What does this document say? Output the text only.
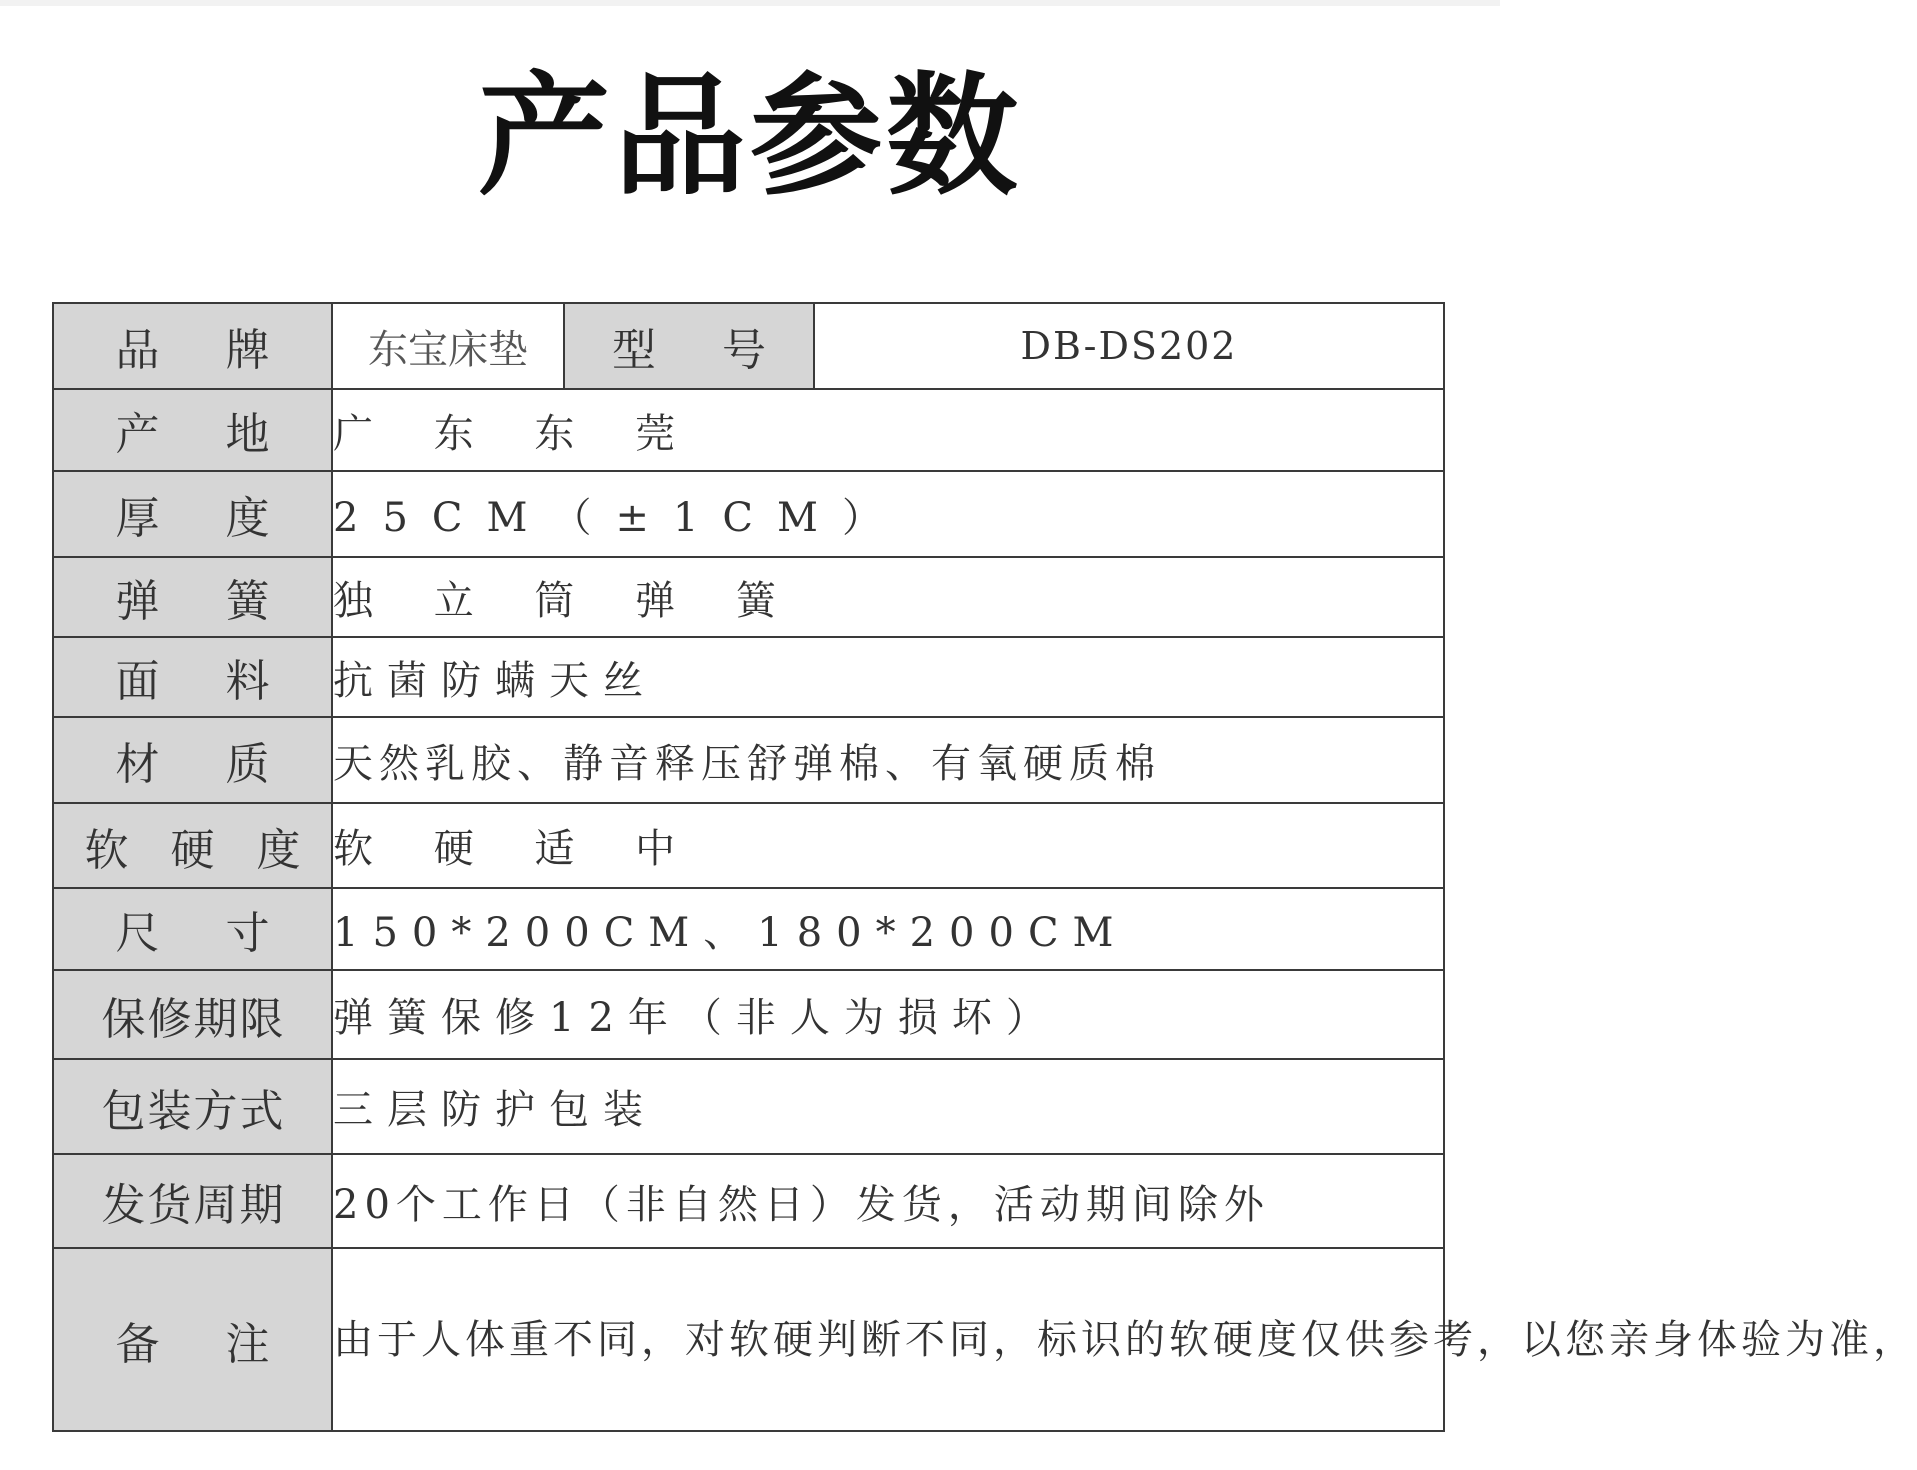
产品参数
品 牌	东宝床垫	型 号	DB-DS202
产 地	广 东 东 莞		
厚 度	25CM（±1CM）		
弹 簧	独 立 筒 弹 簧		
面 料	抗菌防螨天丝		
材 质	天然乳胶、静音释压舒弹棉、有氧硬质棉		
软 硬 度	软 硬 适 中		
尺 寸	150*200CM、180*200CM		
保修期限	弹簧保修12年（非人为损坏）		
包装方式	三层防护包装		
发货周期	20个工作日（非自然日）发货，活动期间除外		
备 注	由于人体重不同，对软硬判断不同，标识的软硬度仅供参考，以您亲身体验为准，		
